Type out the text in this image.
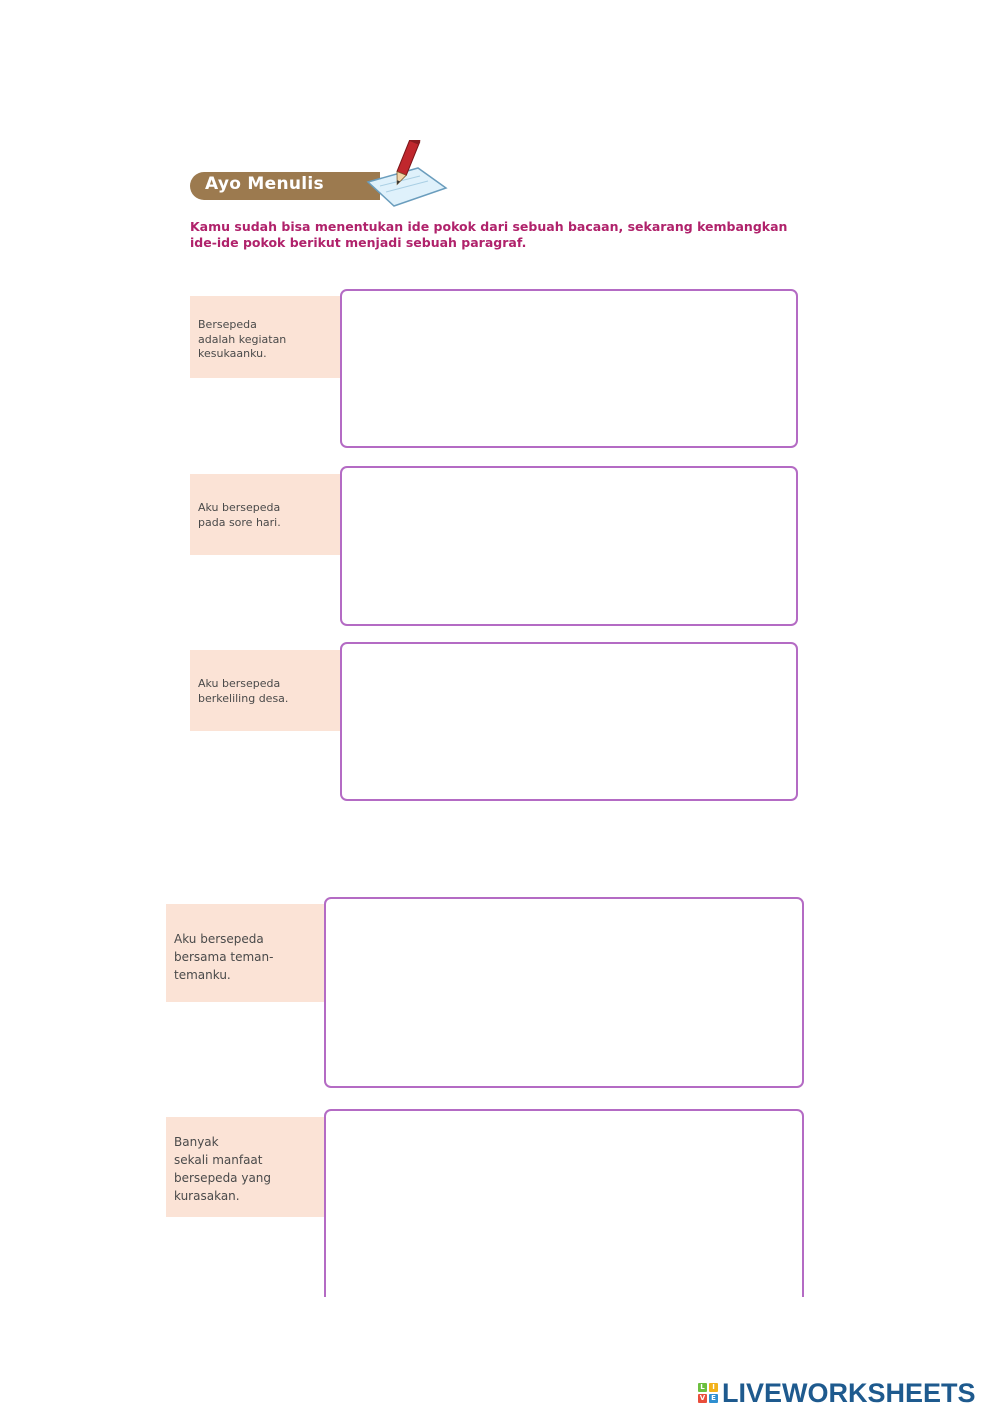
Ayo Menulis
Kamu sudah bisa menentukan ide pokok dari sebuah bacaan, sekarang kembangkan ide-ide pokok berikut menjadi sebuah paragraf.
Bersepeda
adalah kegiatan
kesukaanku.
Aku bersepeda
pada sore hari.
Aku bersepeda
berkeliling desa.
Aku bersepeda
bersama teman-
temanku.
Banyak
sekali manfaat
bersepeda yang
kurasakan.
L	I
V E LIVEWORKSHEETS
